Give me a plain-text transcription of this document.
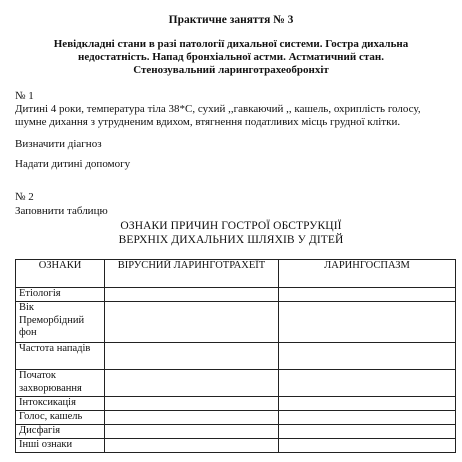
Практичне заняття № 3
Невідкладні стани в разі патології дихальної системи. Гостра дихальна
недостатність. Напад бронхіальної астми. Астматичний стан.
Стенозувальний ларинготрахеобронхіт
№ 1
Дитині 4 роки, температура тіла 38*С, сухий ,,гавкаючий ,, кашель, охриплість голосу,
шумне дихання з утрудненим вдихом, втягнення податливих місць грудної клітки.
Визначити діагноз
Надати дитині допомогу
№ 2
Заповнити таблицю
ОЗНАКИ ПРИЧИН ГОСТРОЇ ОБСТРУКЦІЇ
ВЕРХНІХ ДИХАЛЬНИХ ШЛЯХІВ У ДІТЕЙ
ОЗНАКИ	ВІРУСНИЙ ЛАРИНГОТРАХЕЇТ	ЛАРИНГОСПАЗМ
Етіологія		
Вік Преморбідний фон		
Частота нападів		
Початок захворювання		
Інтоксикація		
Голос, кашель		
Дисфагія		
Інші ознаки		
